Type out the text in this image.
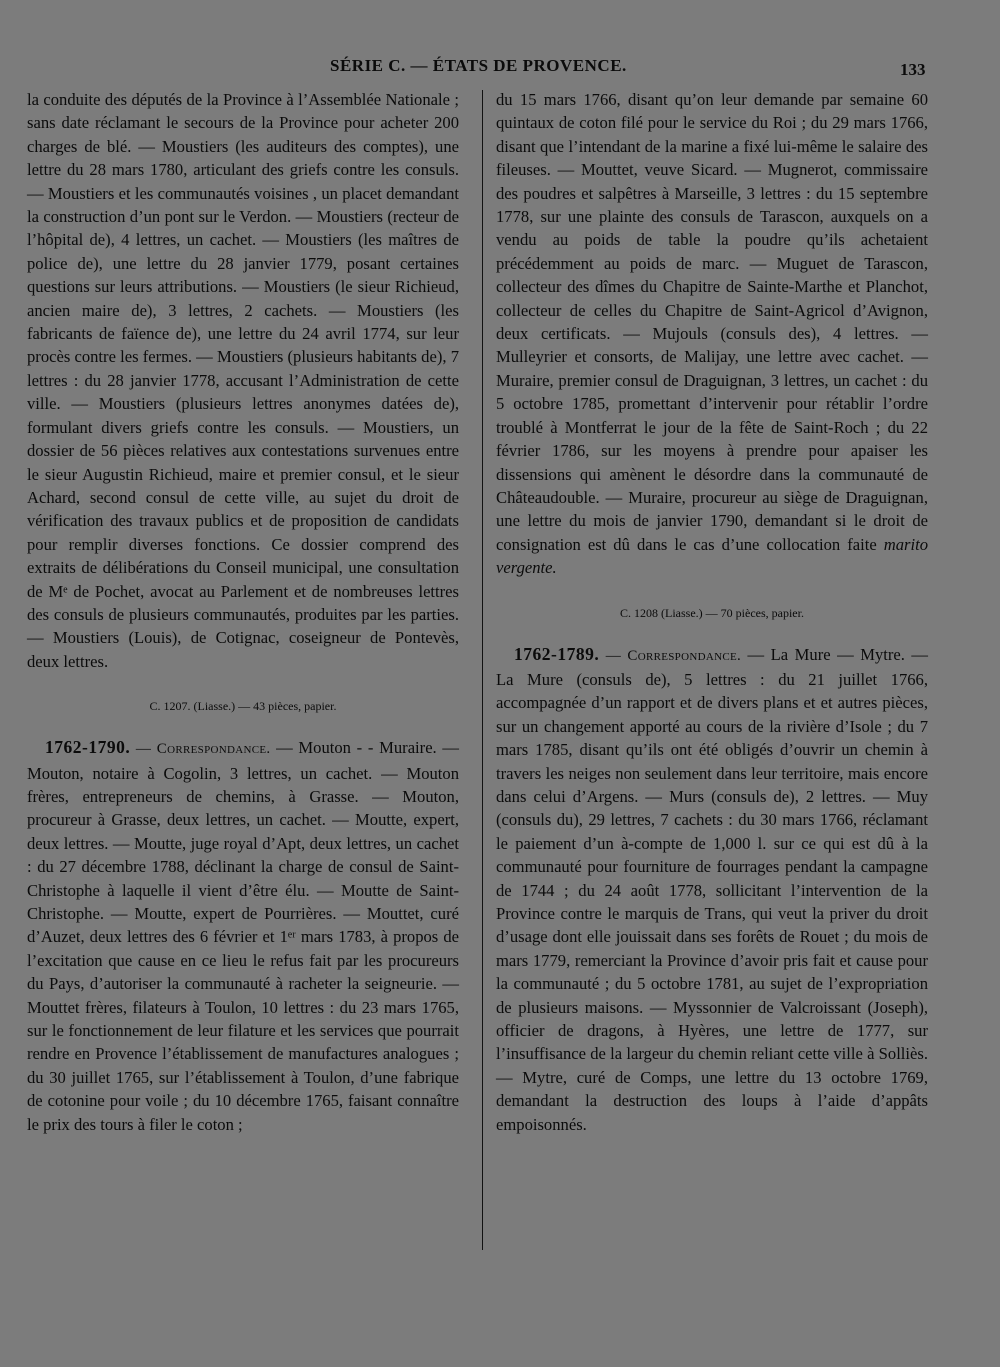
SÉRIE C. — ÉTATS DE PROVENCE.	133

la conduite des députés de la Province à l’Assemblée Nationale ; sans date réclamant le secours de la Province pour acheter 200 charges de blé. — Moustiers (les auditeurs des comptes), une lettre du 28 mars 1780, articulant des griefs contre les consuls. — Moustiers et les communautés voisines , un placet demandant la construction d’un pont sur le Verdon. — Moustiers (recteur de l’hôpital de), 4 lettres, un cachet. — Moustiers (les maîtres de police de), une lettre du 28 janvier 1779, posant certaines questions sur leurs attributions. — Moustiers (le sieur Richieud, ancien maire de), 3 lettres, 2 cachets. — Moustiers (les fabricants de faïence de), une lettre du 24 avril 1774, sur leur procès contre les fermes. — Moustiers (plusieurs habitants de), 7 lettres : du 28 janvier 1778, accusant l’Administration de cette ville. — Moustiers (plusieurs lettres anonymes datées de), formulant divers griefs contre les consuls. — Moustiers, un dossier de 56 pièces relatives aux contestations survenues entre le sieur Augustin Richieud, maire et premier consul, et le sieur Achard, second consul de cette ville, au sujet du droit de vérification des travaux publics et de proposition de candidats pour remplir diverses fonctions. Ce dossier comprend des extraits de délibérations du Conseil municipal, une consultation de Mᵉ de Pochet, avocat au Parlement et de nombreuses lettres des consuls de plusieurs communautés, produites par les parties. — Moustiers (Louis), de Cotignac, coseigneur de Pontevès, deux lettres.

C. 1207. (Liasse.) — 43 pièces, papier.

1762-1790. — Correspondance. — Mouton - - Muraire. — Mouton, notaire à Cogolin, 3 lettres, un cachet. — Mouton frères, entrepreneurs de chemins, à Grasse. — Mouton, procureur à Grasse, deux lettres, un cachet. — Moutte, expert, deux lettres. — Moutte, juge royal d’Apt, deux lettres, un cachet : du 27 décembre 1788, déclinant la charge de consul de Saint-Christophe à laquelle il vient d’être élu. — Moutte de Saint-Christophe. — Moutte, expert de Pourrières. — Mouttet, curé d’Auzet, deux lettres des 6 février et 1ᵉʳ mars 1783, à propos de l’excitation que cause en ce lieu le refus fait par les procureurs du Pays, d’autoriser la communauté à racheter la seigneurie. — Mouttet frères, filateurs à Toulon, 10 lettres : du 23 mars 1765, sur le fonctionnement de leur filature et les services que pourrait rendre en Provence l’établissement de manufactures analogues ; du 30 juillet 1765, sur l’établissement à Toulon, d’une fabrique de cotonine pour voile ; du 10 décembre 1765, faisant connaître le prix des tours à filer le coton ;

du 15 mars 1766, disant qu’on leur demande par semaine 60 quintaux de coton filé pour le service du Roi ; du 29 mars 1766, disant que l’intendant de la marine a fixé lui-même le salaire des fileuses. — Mouttet, veuve Sicard. — Mugnerot, commissaire des poudres et salpêtres à Marseille, 3 lettres : du 15 septembre 1778, sur une plainte des consuls de Tarascon, auxquels on a vendu au poids de table la poudre qu’ils achetaient précédemment au poids de marc. — Muguet de Tarascon, collecteur des dîmes du Chapitre de Sainte-Marthe et Planchot, collecteur de celles du Chapitre de Saint-Agricol d’Avignon, deux certificats. — Mujouls (consuls des), 4 lettres. — Mulleyrier et consorts, de Malijay, une lettre avec cachet. — Muraire, premier consul de Draguignan, 3 lettres, un cachet : du 5 octobre 1785, promettant d’intervenir pour rétablir l’ordre troublé à Montferrat le jour de la fête de Saint-Roch ; du 22 février 1786, sur les moyens à prendre pour apaiser les dissensions qui amènent le désordre dans la communauté de Châteaudouble. — Muraire, procureur au siège de Draguignan, une lettre du mois de janvier 1790, demandant si le droit de consignation est dû dans le cas d’une collocation faite marito vergente.

C. 1208 (Liasse.) — 70 pièces, papier.

1762-1789. — Correspondance. — La Mure — Mytre. — La Mure (consuls de), 5 lettres : du 21 juillet 1766, accompagnée d’un rapport et de divers plans et et autres pièces, sur un changement apporté au cours de la rivière d’Isole ; du 7 mars 1785, disant qu’ils ont été obligés d’ouvrir un chemin à travers les neiges non seulement dans leur territoire, mais encore dans celui d’Argens. — Murs (consuls de), 2 lettres. — Muy (consuls du), 29 lettres, 7 cachets : du 30 mars 1766, réclamant le paiement d’un à-compte de 1,000 l. sur ce qui est dû à la communauté pour fourniture de fourrages pendant la campagne de 1744 ; du 24 août 1778, sollicitant l’intervention de la Province contre le marquis de Trans, qui veut la priver du droit d’usage dont elle jouissait dans ses forêts de Rouet ; du mois de mars 1779, remerciant la Province d’avoir pris fait et cause pour la communauté ; du 5 octobre 1781, au sujet de l’expropriation de plusieurs maisons. — Myssonnier de Valcroissant (Joseph), officier de dragons, à Hyères, une lettre de 1777, sur l’insuffisance de la largeur du chemin reliant cette ville à Solliès. — Mytre, curé de Comps, une lettre du 13 octobre 1769, demandant la destruction des loups à l’aide d’appâts empoisonnés.
